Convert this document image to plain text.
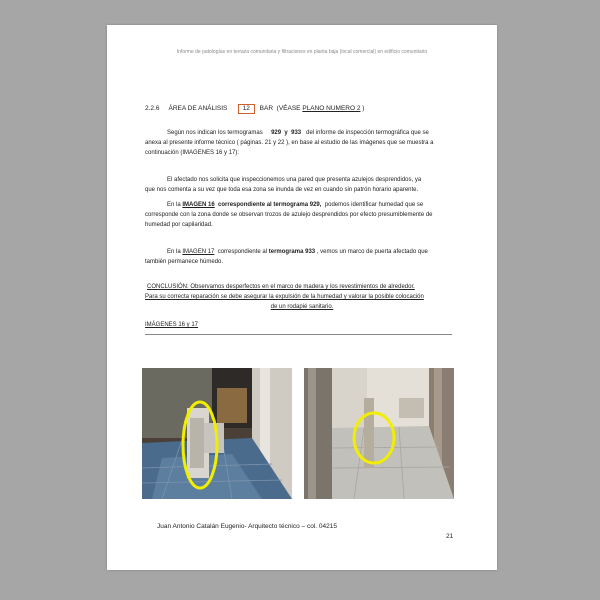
Informe de patologías en terraza comunitaria y filtraciones en planta baja (local comercial) en edificio comunitario
2.2.6 ÁREA DE ANÁLISIS 12 BAR (VÉASE PLANO NUMERO 2 )
Según nos indican los termogramas 929 y 933 del informe de inspección termográfica que se
anexa al presente informe técnico ( páginas. 21 y 22 ), en base al estudio de las imágenes que se muestra a
continuación (IMAGENES 16 y 17):
El afectado nos solicita que inspeccionemos una pared que presenta azulejos desprendidos, ya
que nos comenta a su vez que toda esa zona se inunda de vez en cuando sin patrón horario aparente.
En la IMAGEN 16 correspondiente al termograma 929, podemos identificar humedad que se
corresponde con la zona donde se observan trozos de azulejo desprendidos por efecto presumiblemente de
humedad por capilaridad.
En la IMAGEN 17 correspondiente al termograma 933 , vemos un marco de puerta afectado que
también permanece húmedo.
CONCLUSIÓN: Observamos desperfectos en el marco de madera y los revestimientos de alrededor.
Para su correcta reparación se debe asegurar la expulsión de la humedad y valorar la posible colocación
de un rodapié sanitario.
IMÁGENES 16 y 17
Juan Antonio Catalán Eugenio- Arquitecto técnico – col. 04215
21
